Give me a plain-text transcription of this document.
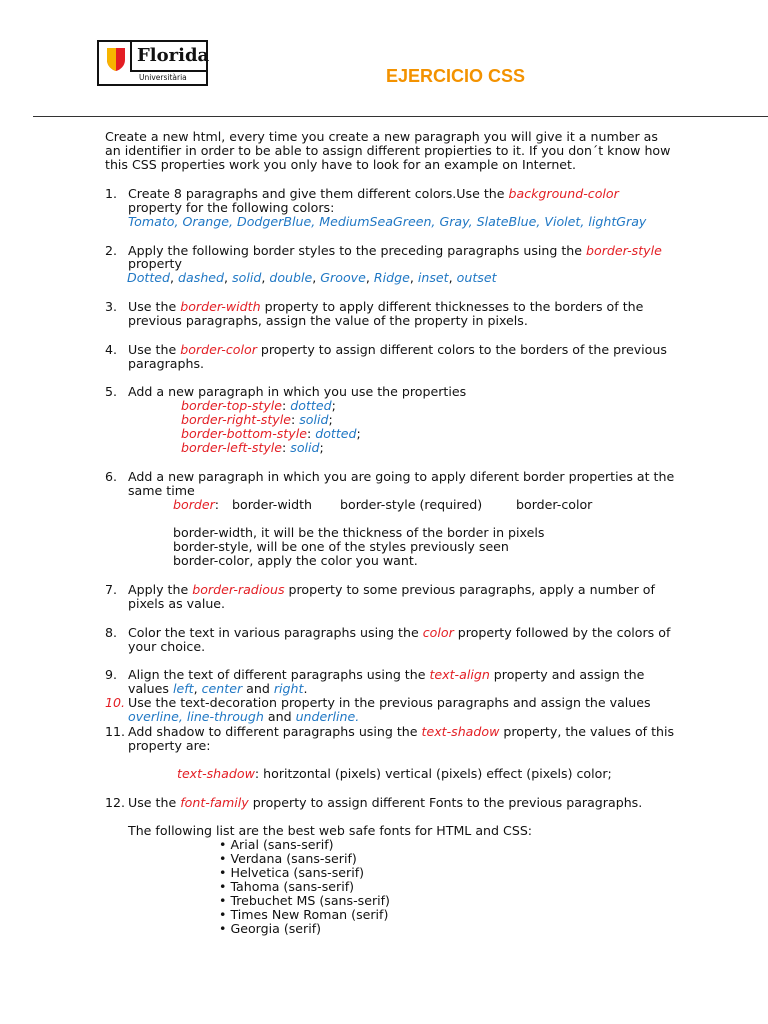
Florida
Universitària	EJERCICIO CSS
Create a new html, every time you create a new paragraph you will give it a number as
an identifier in order to be able to assign different propierties to it. If you don´t know how
this CSS properties work you only have to look for an example on Internet.
1. Create 8 paragraphs and give them different colors.Use the background-color
property for the following colors:
Tomato, Orange, DodgerBlue, MediumSeaGreen, Gray, SlateBlue, Violet, lightGray
2. Apply the following border styles to the preceding paragraphs using the border-style
property
Dotted, dashed, solid, double, Groove, Ridge, inset, outset
3. Use the border-width property to apply different thicknesses to the borders of the
previous paragraphs, assign the value of the property in pixels.
4. Use the border-color property to assign different colors to the borders of the previous
paragraphs.
5. Add a new paragraph in which you use the properties
border-top-style: dotted;
border-right-style: solid;
border-bottom-style: dotted;
border-left-style: solid;
6. Add a new paragraph in which you are going to apply diferent border properties at the
same time
border: border-width border-style (required)	border-color
border-width, it will be the thickness of the border in pixels
border-style, will be one of the styles previously seen
border-color, apply the color you want.
7. Apply the border-radious property to some previous paragraphs, apply a number of
pixels as value.
8. Color the text in various paragraphs using the color property followed by the colors of
your choice.
9. Align the text of different paragraphs using the text-align property and assign the
values left, center and right.
10. Use the text-decoration property in the previous paragraphs and assign the values
overline, line-through and underline.
11. Add shadow to different paragraphs using the text-shadow property, the values of this
property are:
text-shadow: horitzontal (pixels) vertical (pixels) effect (pixels) color;
12. Use the font-family property to assign different Fonts to the previous paragraphs.
The following list are the best web safe fonts for HTML and CSS:
• Arial (sans-serif)
• Verdana (sans-serif)
• Helvetica (sans-serif)
• Tahoma (sans-serif)
• Trebuchet MS (sans-serif)
• Times New Roman (serif)
• Georgia (serif)
